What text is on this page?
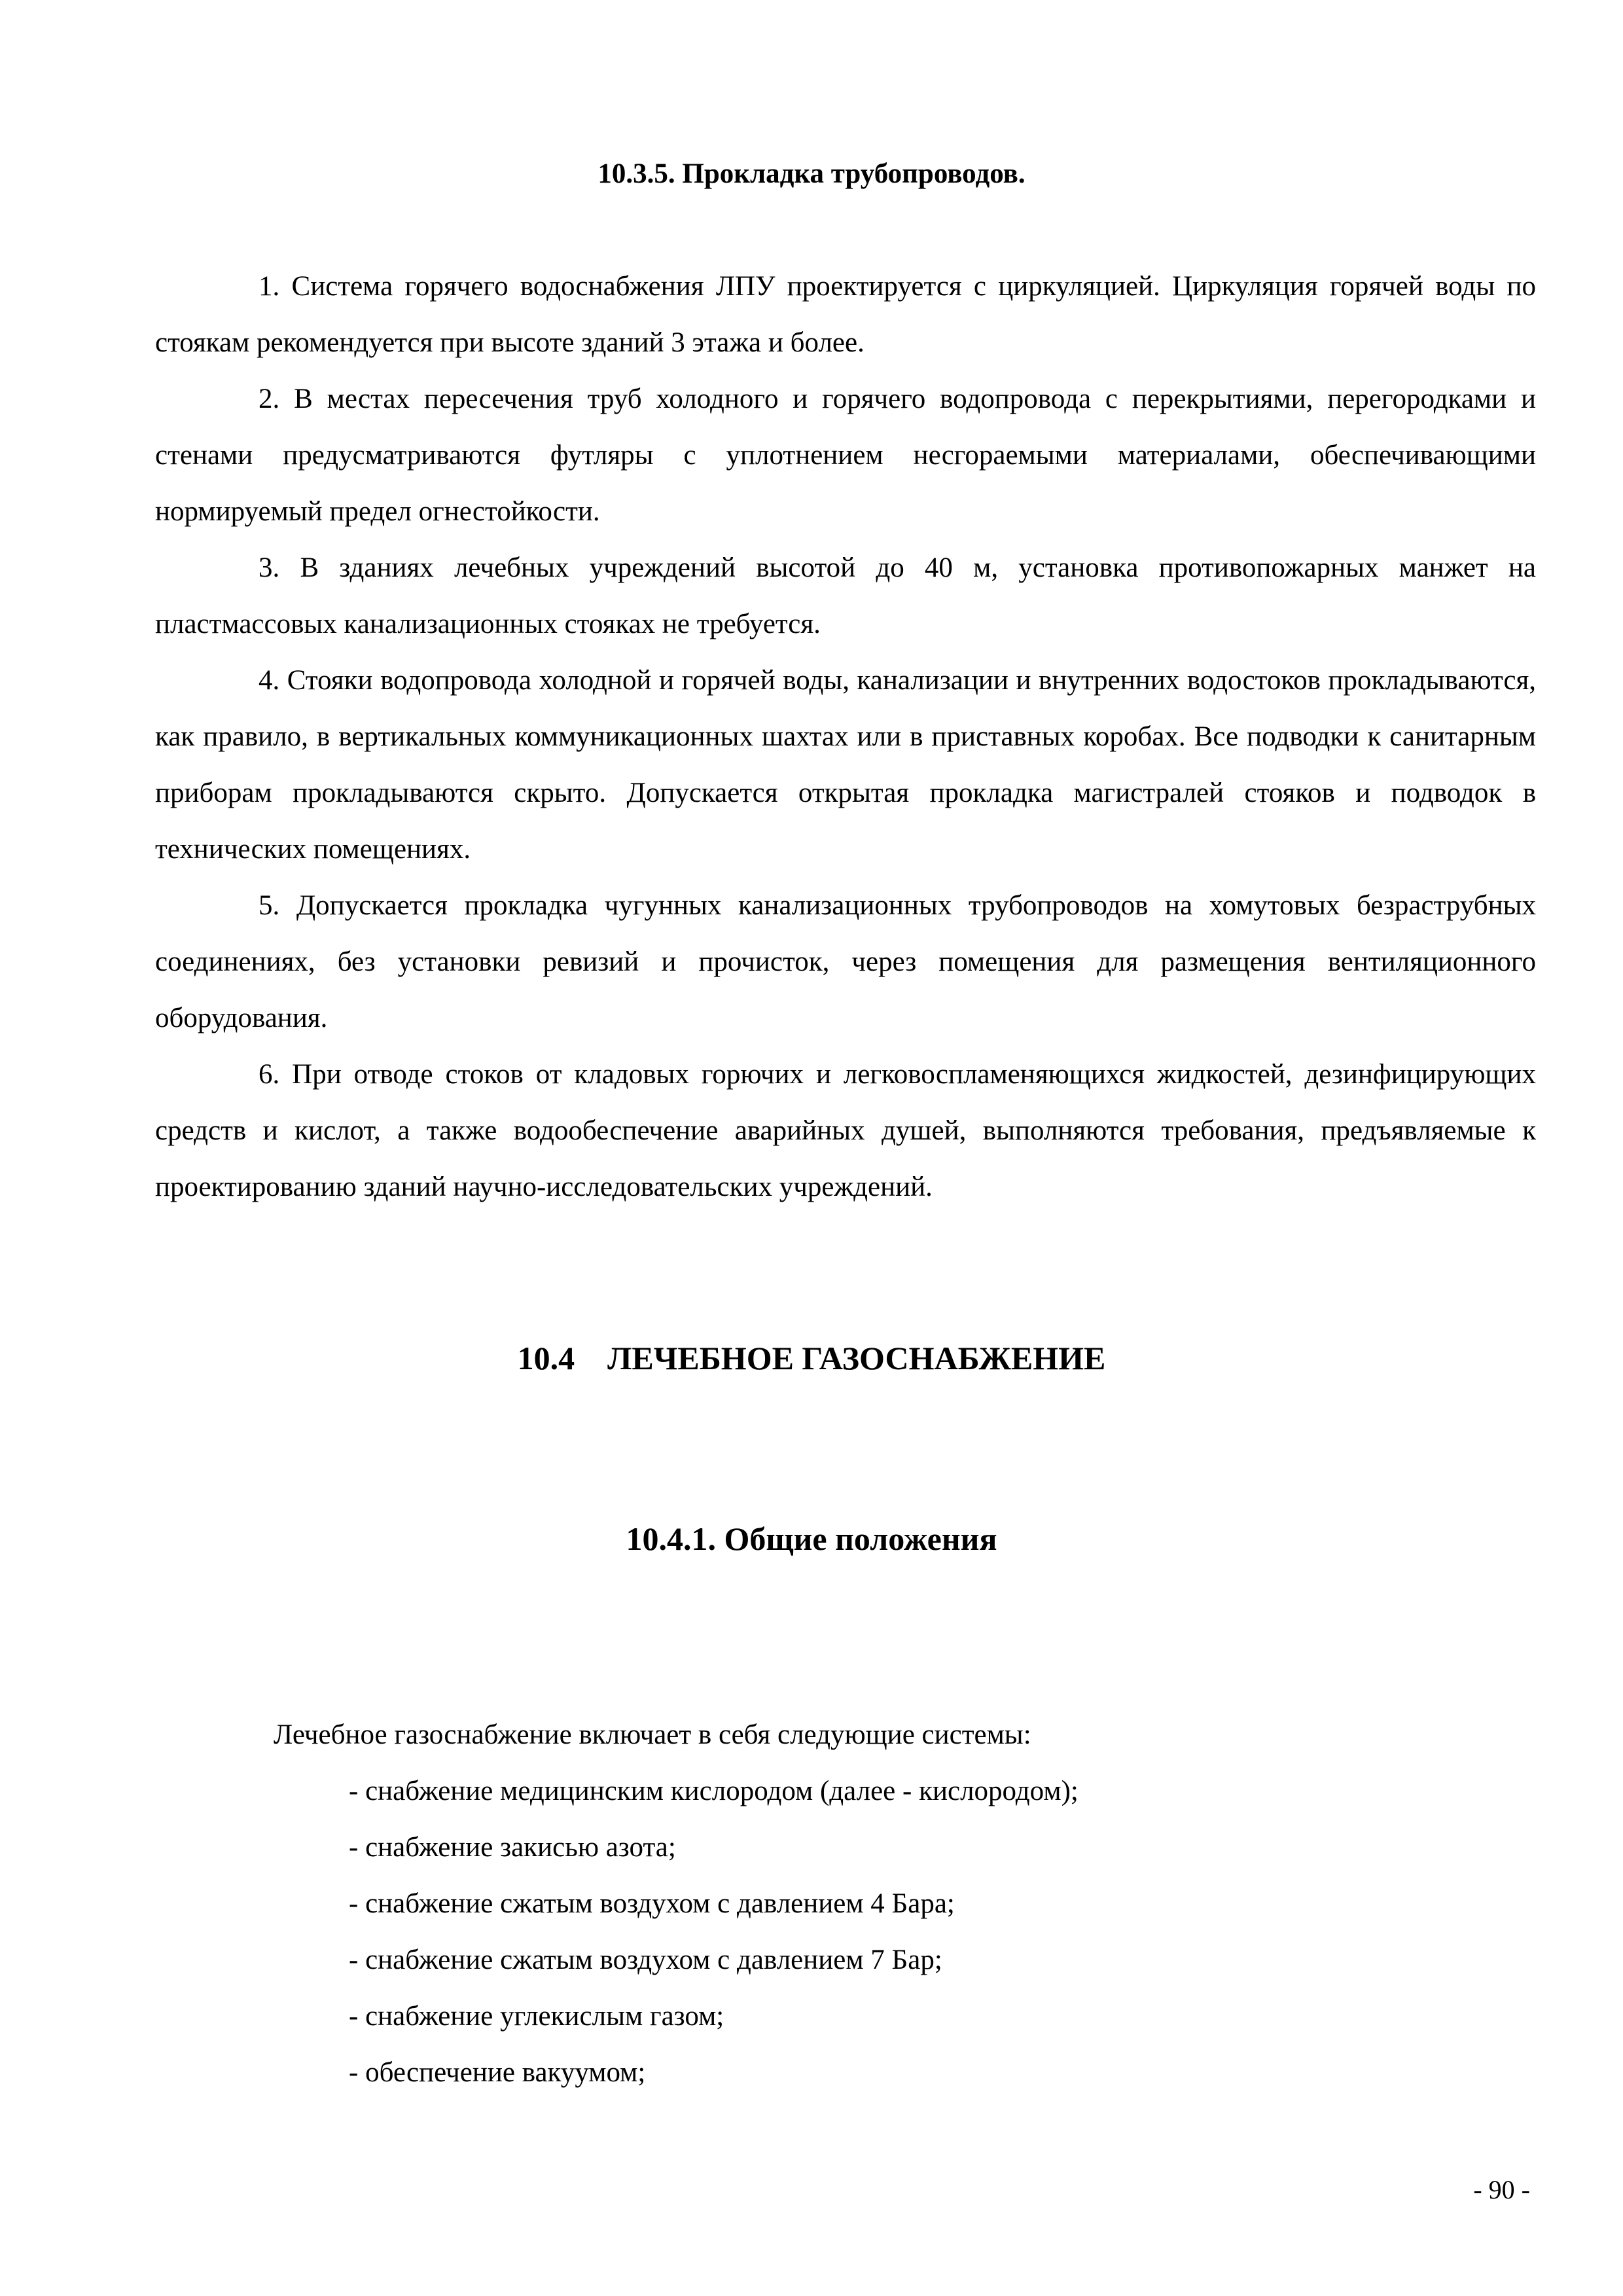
10.3.5. Прокладка трубопроводов.

1. Система горячего водоснабжения ЛПУ проектируется с циркуляцией. Циркуляция горячей воды по стоякам рекомендуется при высоте зданий 3 этажа и более.

2. В местах пересечения труб холодного и горячего водопровода с перекрытиями, перегородками и стенами предусматриваются футляры с уплотнением несгораемыми материалами, обеспечивающими нормируемый предел огнестойкости.

3. В зданиях лечебных учреждений высотой до 40 м, установка противопожарных манжет на пластмассовых канализационных стояках не требуется.

4. Стояки водопровода холодной и горячей воды, канализации и внутренних водостоков прокладываются, как правило, в вертикальных коммуникационных шахтах или в приставных коробах. Все подводки к санитарным приборам прокладываются скрыто. Допускается открытая прокладка магистралей стояков и подводок в технических помещениях.

5. Допускается прокладка чугунных канализационных трубопроводов на хомутовых безраструбных соединениях, без установки ревизий и прочисток, через помещения для размещения вентиляционного оборудования.

6. При отводе стоков от кладовых горючих и легковоспламеняющихся жидкостей, дезинфицирующих средств и кислот, а также водообеспечение аварийных душей, выполняются требования, предъявляемые к проектированию зданий научно-исследовательских учреждений.

10.4 ЛЕЧЕБНОЕ ГАЗОСНАБЖЕНИЕ
10.4.1. Общие положения

Лечебное газоснабжение включает в себя следующие системы:

- снабжение медицинским кислородом (далее - кислородом);
- снабжение закисью азота;
- снабжение сжатым воздухом с давлением 4 Бара;
- снабжение сжатым воздухом с давлением 7 Бар;
- снабжение углекислым газом;
- обеспечение вакуумом;
- 90 -
